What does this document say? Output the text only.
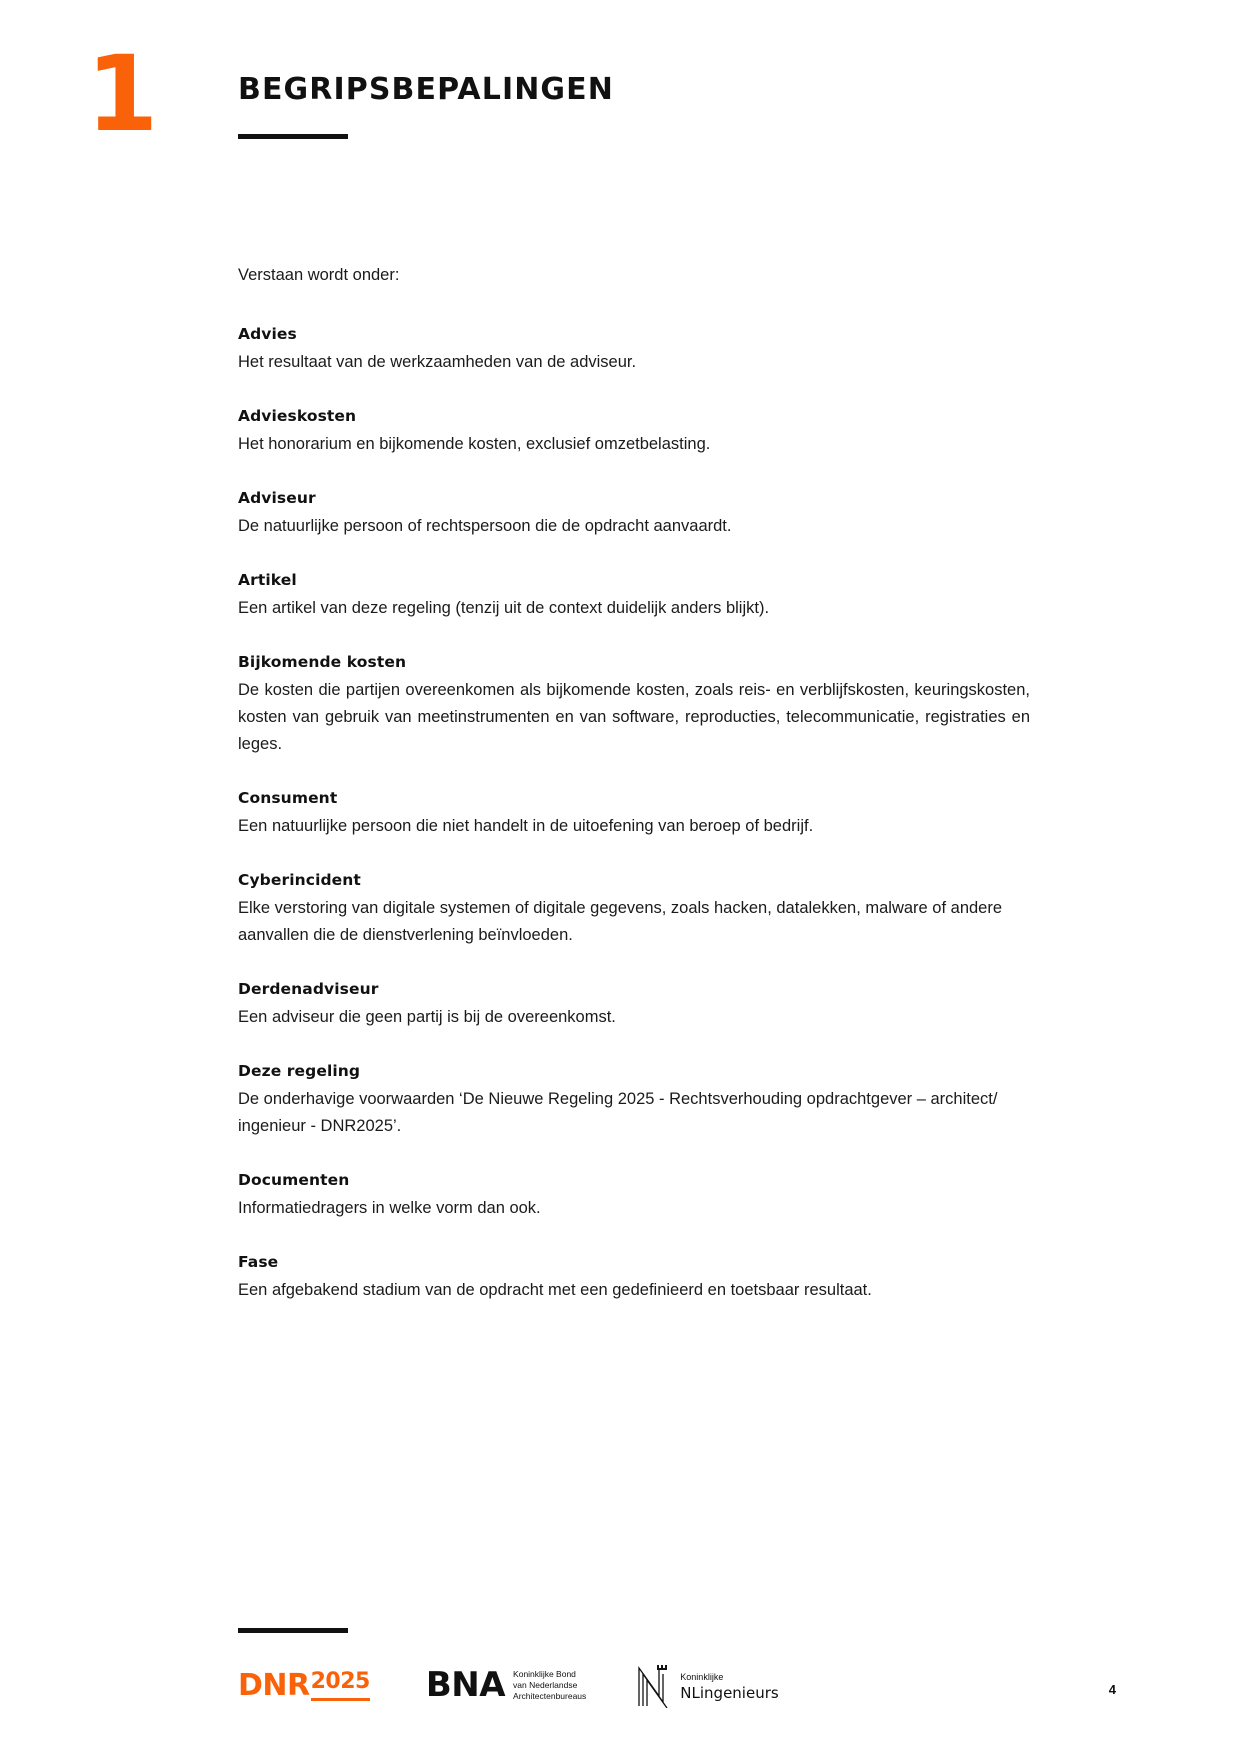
1	BEGRIPSBEPALINGEN

Verstaan wordt onder:

Advies
Het resultaat van de werkzaamheden van de adviseur.
Advieskosten
Het honorarium en bijkomende kosten, exclusief omzetbelasting.
Adviseur
De natuurlijke persoon of rechtspersoon die de opdracht aanvaardt.
Artikel
Een artikel van deze regeling (tenzij uit de context duidelijk anders blijkt).
Bijkomende kosten
De kosten die partijen overeenkomen als bijkomende kosten, zoals reis- en verblijfskosten, keuringskosten, kosten van gebruik van meetinstrumenten en van software, reproducties, telecommunicatie, registraties en leges.
Consument
Een natuurlijke persoon die niet handelt in de uitoefening van beroep of bedrijf.
Cyberincident
Elke verstoring van digitale systemen of digitale gegevens, zoals hacken, datalekken, malware of andere aanvallen die de dienstverlening beïnvloeden.
Derdenadviseur
Een adviseur die geen partij is bij de overeenkomst.
Deze regeling
De onderhavige voorwaarden ‘De Nieuwe Regeling 2025 - Rechtsverhouding opdrachtgever – architect/ ingenieur - DNR2025’.
Documenten
Informatiedragers in welke vorm dan ook.
Fase
Een afgebakend stadium van de opdracht met een gedefinieerd en toetsbaar resultaat.
DNR 2025 BNA Koninklijke Bond
van Nederlandse
Architectenbureaus
Koninklijke
NLingenieurs	4
